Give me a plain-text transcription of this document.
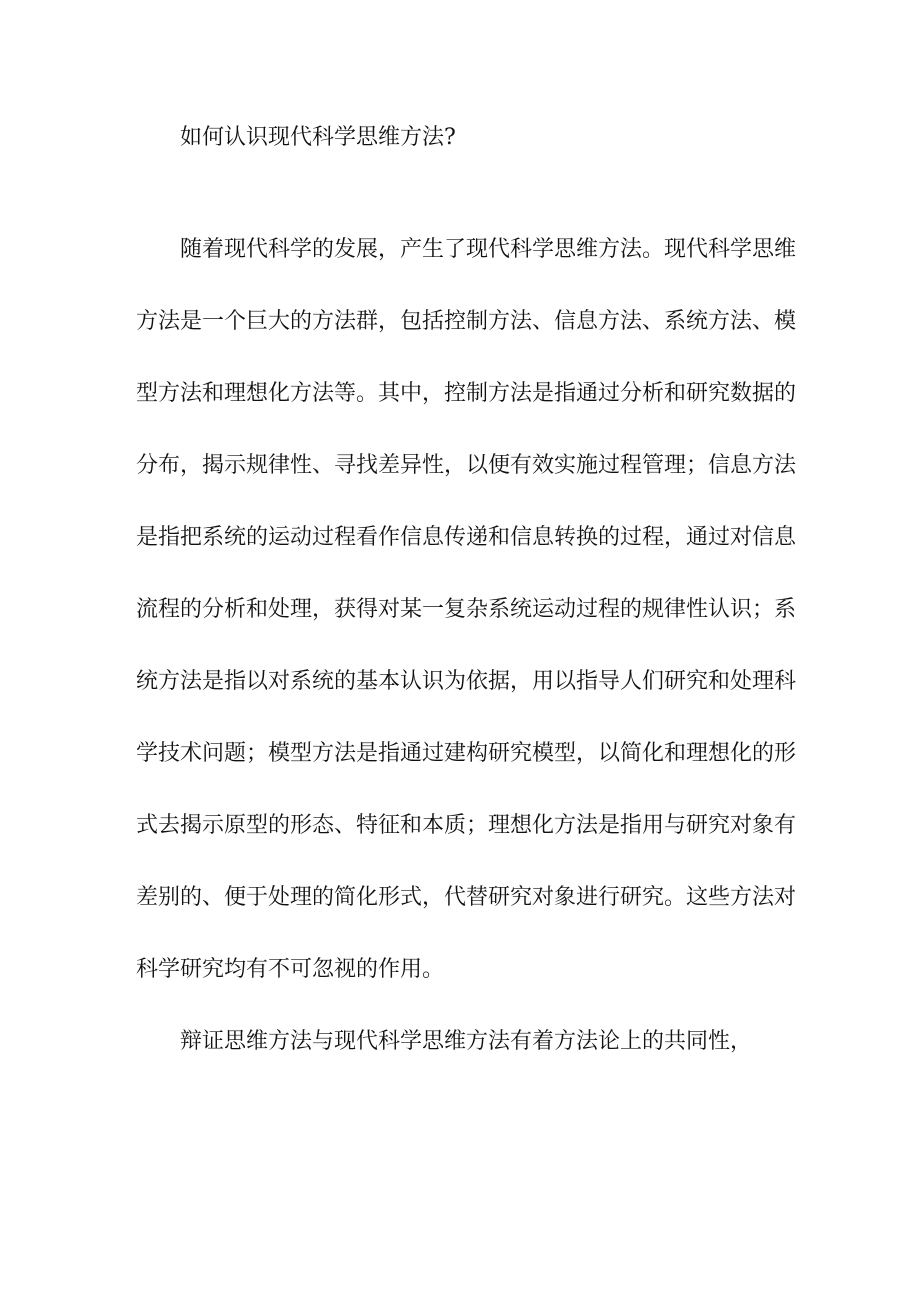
如何认识现代科学思维方法?

随着现代科学的发展，产生了现代科学思维方法。现代科学思维方法是一个巨大的方法群，包括控制方法、信息方法、系统方法、模型方法和理想化方法等。其中，控制方法是指通过分析和研究数据的分布，揭示规律性、寻找差异性，以便有效实施过程管理；信息方法是指把系统的运动过程看作信息传递和信息转换的过程，通过对信息流程的分析和处理，获得对某一复杂系统运动过程的规律性认识；系统方法是指以对系统的基本认识为依据，用以指导人们研究和处理科学技术问题；模型方法是指通过建构研究模型，以简化和理想化的形式去揭示原型的形态、特征和本质；理想化方法是指用与研究对象有差别的、便于处理的简化形式，代替研究对象进行研究。这些方法对科学研究均有不可忽视的作用。

辩证思维方法与现代科学思维方法有着方法论上的共同性，
